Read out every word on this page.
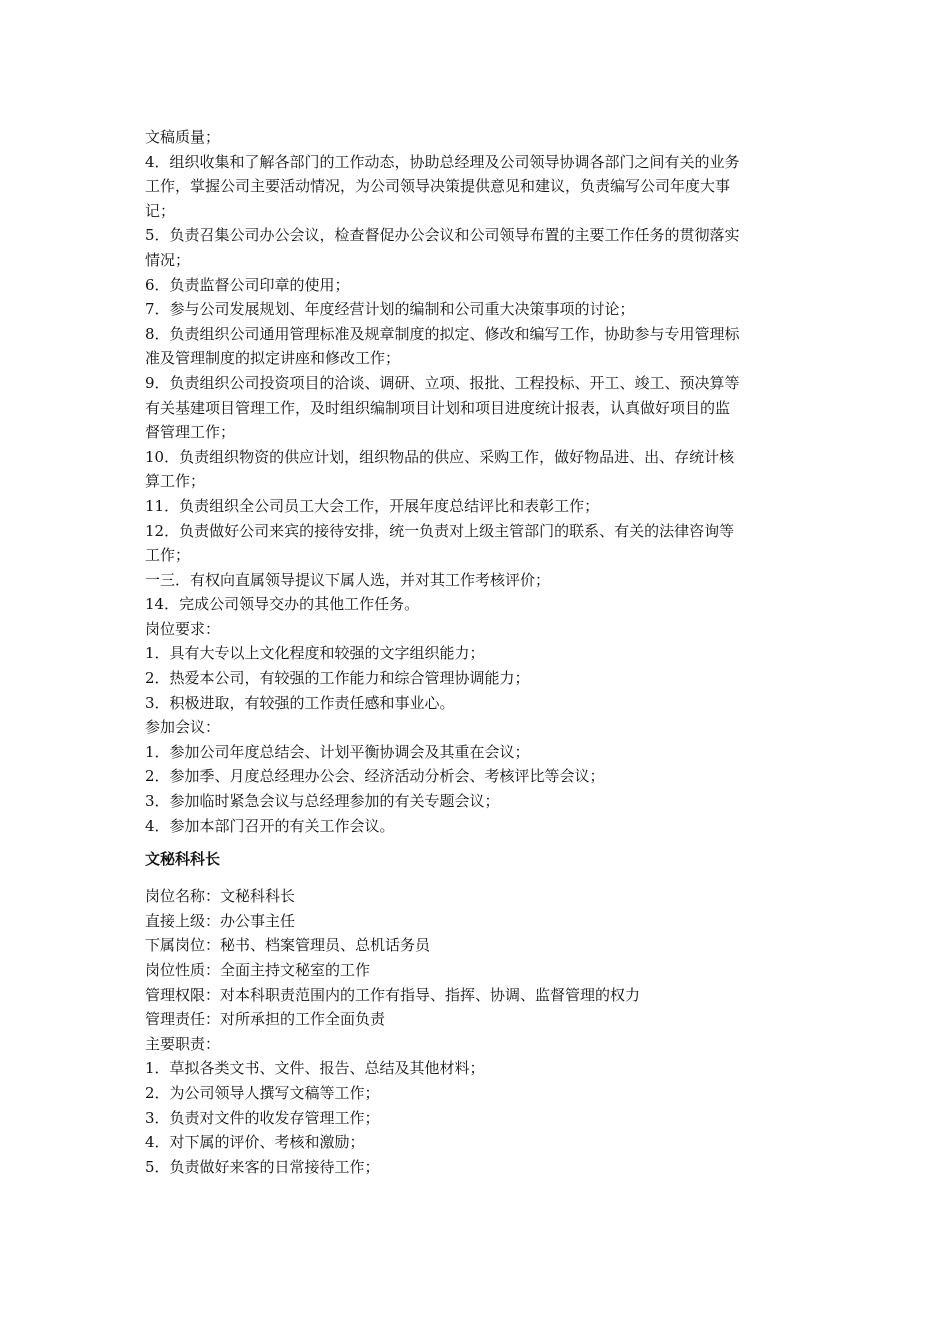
文稿质量；
4．组织收集和了解各部门的工作动态，协助总经理及公司领导协调各部门之间有关的业务
工作，掌握公司主要活动情况，为公司领导决策提供意见和建议，负责编写公司年度大事
记；
5．负责召集公司办公会议，检查督促办公会议和公司领导布置的主要工作任务的贯彻落实
情况；
6．负责监督公司印章的使用；
7．参与公司发展规划、年度经营计划的编制和公司重大决策事项的讨论；
8．负责组织公司通用管理标准及规章制度的拟定、修改和编写工作，协助参与专用管理标
准及管理制度的拟定讲座和修改工作；
9．负责组织公司投资项目的洽谈、调研、立项、报批、工程投标、开工、竣工、预决算等
有关基建项目管理工作，及时组织编制项目计划和项目进度统计报表，认真做好项目的监
督管理工作；
10．负责组织物资的供应计划，组织物品的供应、采购工作，做好物品进、出、存统计核
算工作；
11．负责组织全公司员工大会工作，开展年度总结评比和表彰工作；
12．负责做好公司来宾的接待安排，统一负责对上级主管部门的联系、有关的法律咨询等
工作；
一三．有权向直属领导提议下属人选，并对其工作考核评价；
14．完成公司领导交办的其他工作任务。
岗位要求：
1．具有大专以上文化程度和较强的文字组织能力；
2．热爱本公司，有较强的工作能力和综合管理协调能力；
3．积极进取，有较强的工作责任感和事业心。
参加会议：
1．参加公司年度总结会、计划平衡协调会及其重在会议；
2．参加季、月度总经理办公会、经济活动分析会、考核评比等会议；
3．参加临时紧急会议与总经理参加的有关专题会议；
4．参加本部门召开的有关工作会议。
文秘科科长
岗位名称：文秘科科长
直接上级：办公事主任
下属岗位：秘书、档案管理员、总机话务员
岗位性质：全面主持文秘室的工作
管理权限：对本科职责范围内的工作有指导、指挥、协调、监督管理的权力
管理责任：对所承担的工作全面负责
主要职责：
1．草拟各类文书、文件、报告、总结及其他材料；
2．为公司领导人撰写文稿等工作；
3．负责对文件的收发存管理工作；
4．对下属的评价、考核和激励；
5．负责做好来客的日常接待工作；
